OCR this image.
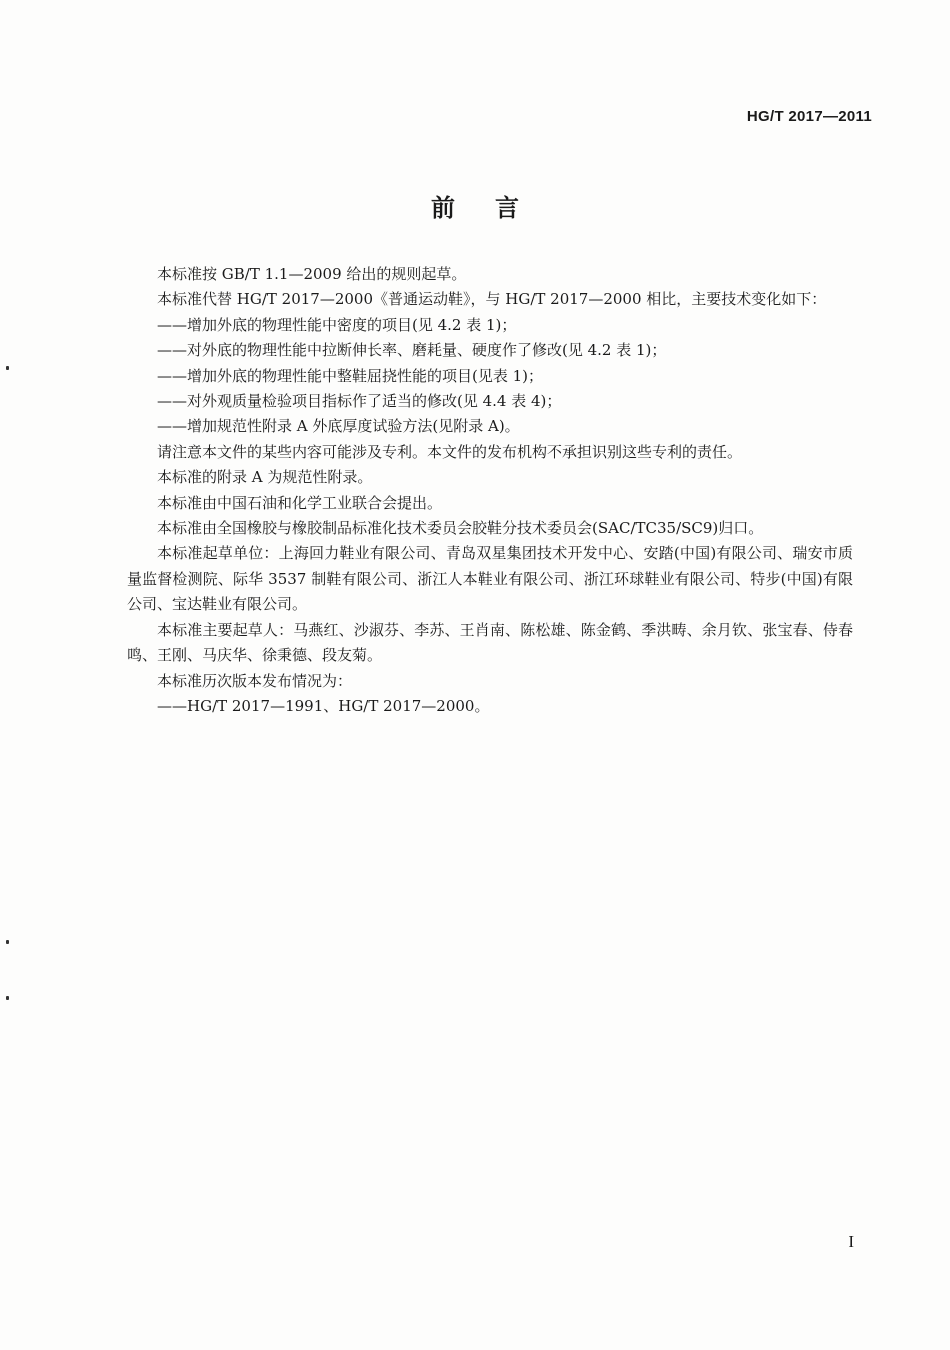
HG/T 2017—2011
前言

本标准按 GB/T 1.1—2009 给出的规则起草。

本标准代替 HG/T 2017—2000《普通运动鞋》，与 HG/T 2017—2000 相比，主要技术变化如下：

——增加外底的物理性能中密度的项目(见 4.2 表 1)；

——对外底的物理性能中拉断伸长率、磨耗量、硬度作了修改(见 4.2 表 1)；

——增加外底的物理性能中整鞋屈挠性能的项目(见表 1)；

——对外观质量检验项目指标作了适当的修改(见 4.4 表 4)；

——增加规范性附录 A 外底厚度试验方法(见附录 A)。

请注意本文件的某些内容可能涉及专利。本文件的发布机构不承担识别这些专利的责任。

本标准的附录 A 为规范性附录。

本标准由中国石油和化学工业联合会提出。

本标准由全国橡胶与橡胶制品标准化技术委员会胶鞋分技术委员会(SAC/TC35/SC9)归口。

本标准起草单位：上海回力鞋业有限公司、青岛双星集团技术开发中心、安踏(中国)有限公司、瑞安市质量监督检测院、际华 3537 制鞋有限公司、浙江人本鞋业有限公司、浙江环球鞋业有限公司、特步(中国)有限公司、宝达鞋业有限公司。

本标准主要起草人：马燕红、沙淑芬、李苏、王肖南、陈松雄、陈金鹤、季洪畴、余月钦、张宝春、侍春鸣、王刚、马庆华、徐秉德、段友菊。

本标准历次版本发布情况为：

——HG/T 2017—1991、HG/T 2017—2000。

I
